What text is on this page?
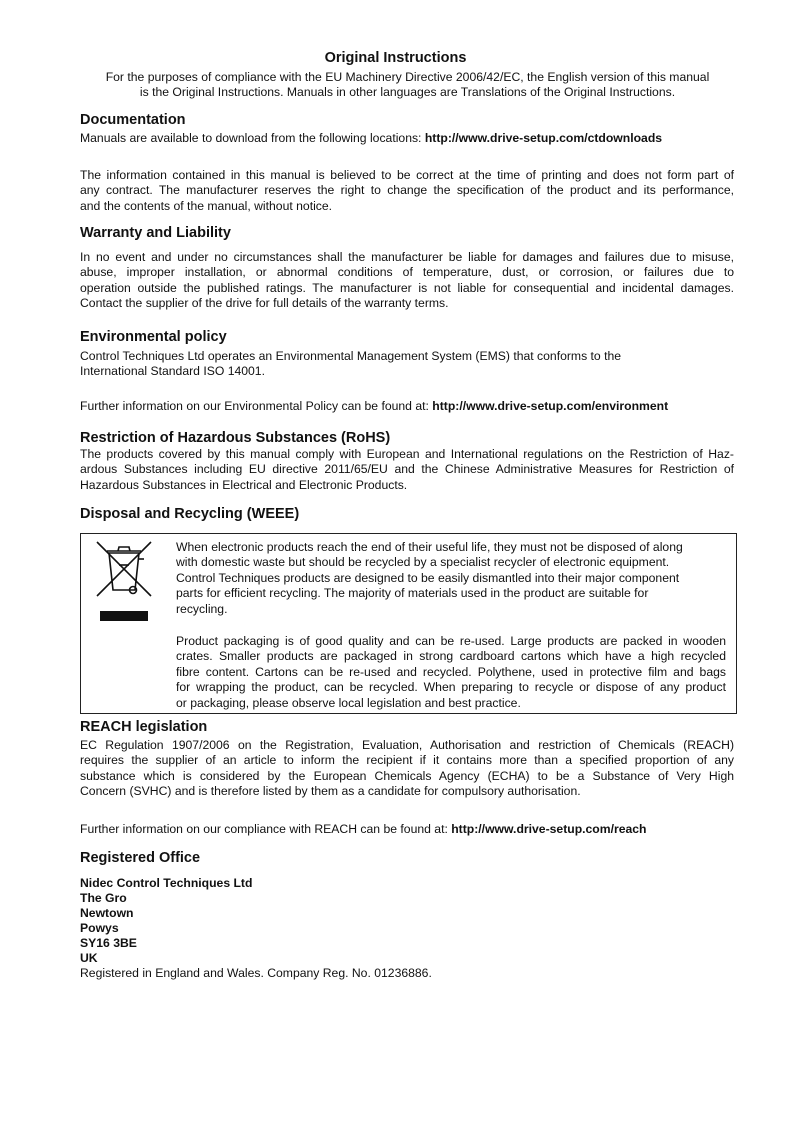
Original Instructions
For the purposes of compliance with the EU Machinery Directive 2006/42/EC, the English version of this manual
is the Original Instructions. Manuals in other languages are Translations of the Original Instructions.
Documentation
Manuals are available to download from the following locations: http://www.drive-setup.com/ctdownloads
The information contained in this manual is believed to be correct at the time of printing and does not form part of
any contract. The manufacturer reserves the right to change the specification of the product and its performance,
and the contents of the manual, without notice.
Warranty and Liability
In no event and under no circumstances shall the manufacturer be liable for damages and failures due to misuse,
abuse, improper installation, or abnormal conditions of temperature, dust, or corrosion, or failures due to
operation outside the published ratings. The manufacturer is not liable for consequential and incidental damages.
Contact the supplier of the drive for full details of the warranty terms.
Environmental policy
Control Techniques Ltd operates an Environmental Management System (EMS) that conforms to the
International Standard ISO 14001.
Further information on our Environmental Policy can be found at: http://www.drive-setup.com/environment
Restriction of Hazardous Substances (RoHS)
The products covered by this manual comply with European and International regulations on the Restriction of Haz-
ardous Substances including EU directive 2011/65/EU and the Chinese Administrative Measures for Restriction of
Hazardous Substances in Electrical and Electronic Products.
Disposal and Recycling (WEEE)
When electronic products reach the end of their useful life, they must not be disposed of along
with domestic waste but should be recycled by a specialist recycler of electronic equipment.
Control Techniques products are designed to be easily dismantled into their major component
parts for efficient recycling. The majority of materials used in the product are suitable for
recycling.
Product packaging is of good quality and can be re-used. Large products are packed in wooden
crates. Smaller products are packaged in strong cardboard cartons which have a high recycled
fibre content. Cartons can be re-used and recycled. Polythene, used in protective film and bags
for wrapping the product, can be recycled. When preparing to recycle or dispose of any product
or packaging, please observe local legislation and best practice.
REACH legislation
EC Regulation 1907/2006 on the Registration, Evaluation, Authorisation and restriction of Chemicals (REACH)
requires the supplier of an article to inform the recipient if it contains more than a specified proportion of any
substance which is considered by the European Chemicals Agency (ECHA) to be a Substance of Very High
Concern (SVHC) and is therefore listed by them as a candidate for compulsory authorisation.
Further information on our compliance with REACH can be found at: http://www.drive-setup.com/reach
Registered Office
Nidec Control Techniques Ltd
The Gro
Newtown
Powys
SY16 3BE
UK
Registered in England and Wales. Company Reg. No. 01236886.
